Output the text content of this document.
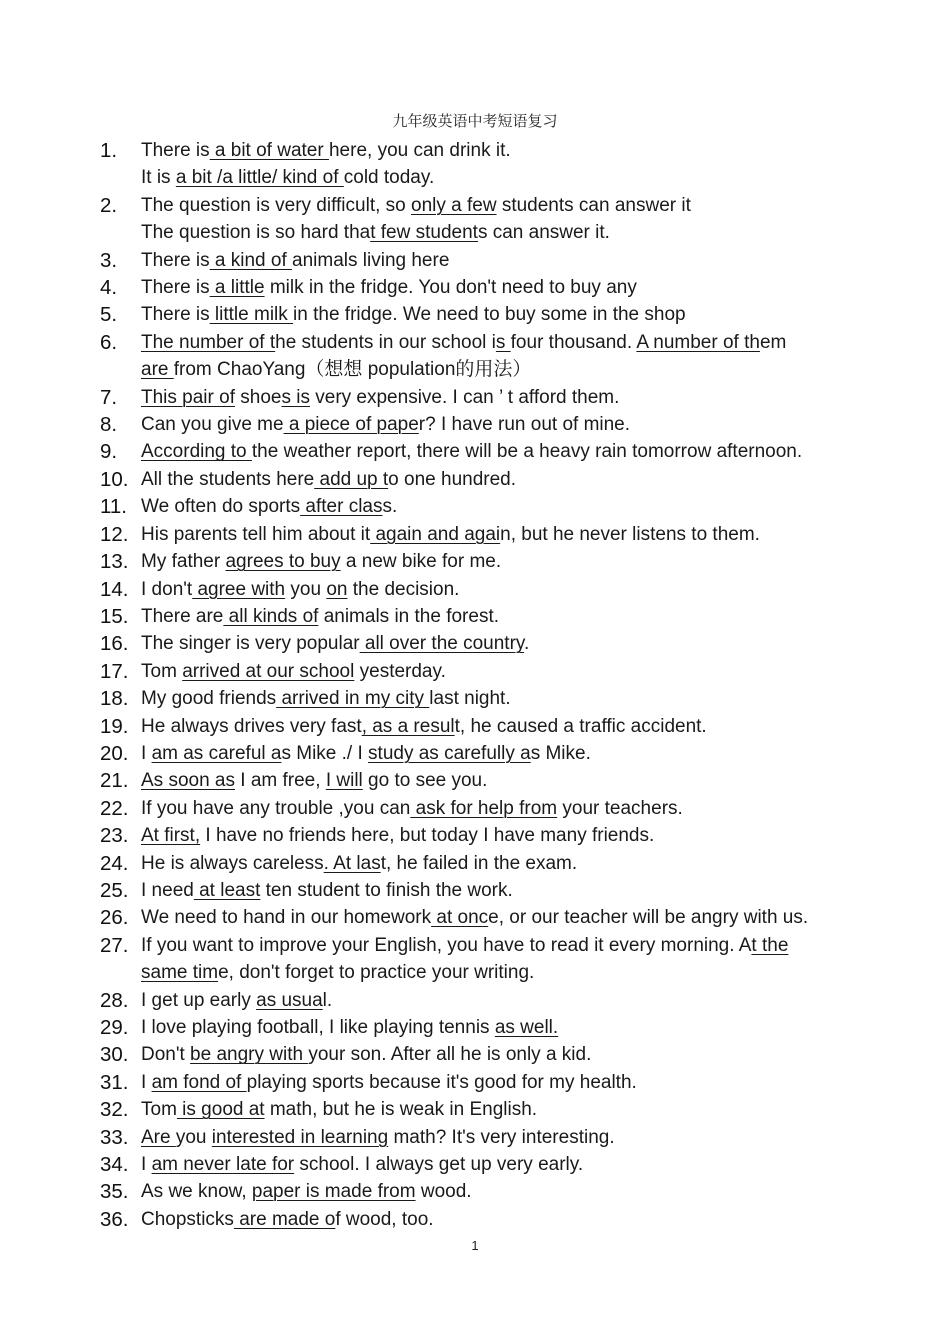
九年级英语中考短语复习
1.	There is a bit of water here, you can drink it.
It is a bit /a little/ kind of cold today.
2.	The question is very difficult, so only a few students can answer it
The question is so hard that few students can answer it.
3.	There is a kind of animals living here
4.	There is a little milk in the fridge. You don't need to buy any
5.	There is little milk in the fridge. We need to buy some in the shop
6.	The number of the students in our school is four thousand. A number of them
are from ChaoYang（想想 population的用法）
7.	This pair of shoes is very expensive. I can ’ t afford them.
8.	Can you give me a piece of paper? I have run out of mine.
9.	According to the weather report, there will be a heavy rain tomorrow afternoon.
10. All the students here add up to one hundred.
11. We often do sports after class.
12. His parents tell him about it again and again, but he never listens to them.
13. My father agrees to buy a new bike for me.
14. I don't agree with you on the decision.
15. There are all kinds of animals in the forest.
16. The singer is very popular all over the country.
17. Tom arrived at our school yesterday.
18. My good friends arrived in my city last night.
19. He always drives very fast, as a result, he caused a traffic accident.
20. I am as careful as Mike ./ I study as carefully as Mike.
21. As soon as I am free, I will go to see you.
22. If you have any trouble ,you can ask for help from your teachers.
23. At first, I have no friends here, but today I have many friends.
24. He is always careless. At last, he failed in the exam.
25. I need at least ten student to finish the work.
26. We need to hand in our homework at once, or our teacher will be angry with us.
27. If you want to improve your English, you have to read it every morning. At the
same time, don't forget to practice your writing.
28. I get up early as usual.
29. I love playing football, I like playing tennis as well.
30. Don't be angry with your son. After all he is only a kid.
31. I am fond of playing sports because it's good for my health.
32. Tom is good at math, but he is weak in English.
33. Are you interested in learning math? It's very interesting.
34. I am never late for school. I always get up very early.
35. As we know, paper is made from wood.
36. Chopsticks are made of wood, too.
1
